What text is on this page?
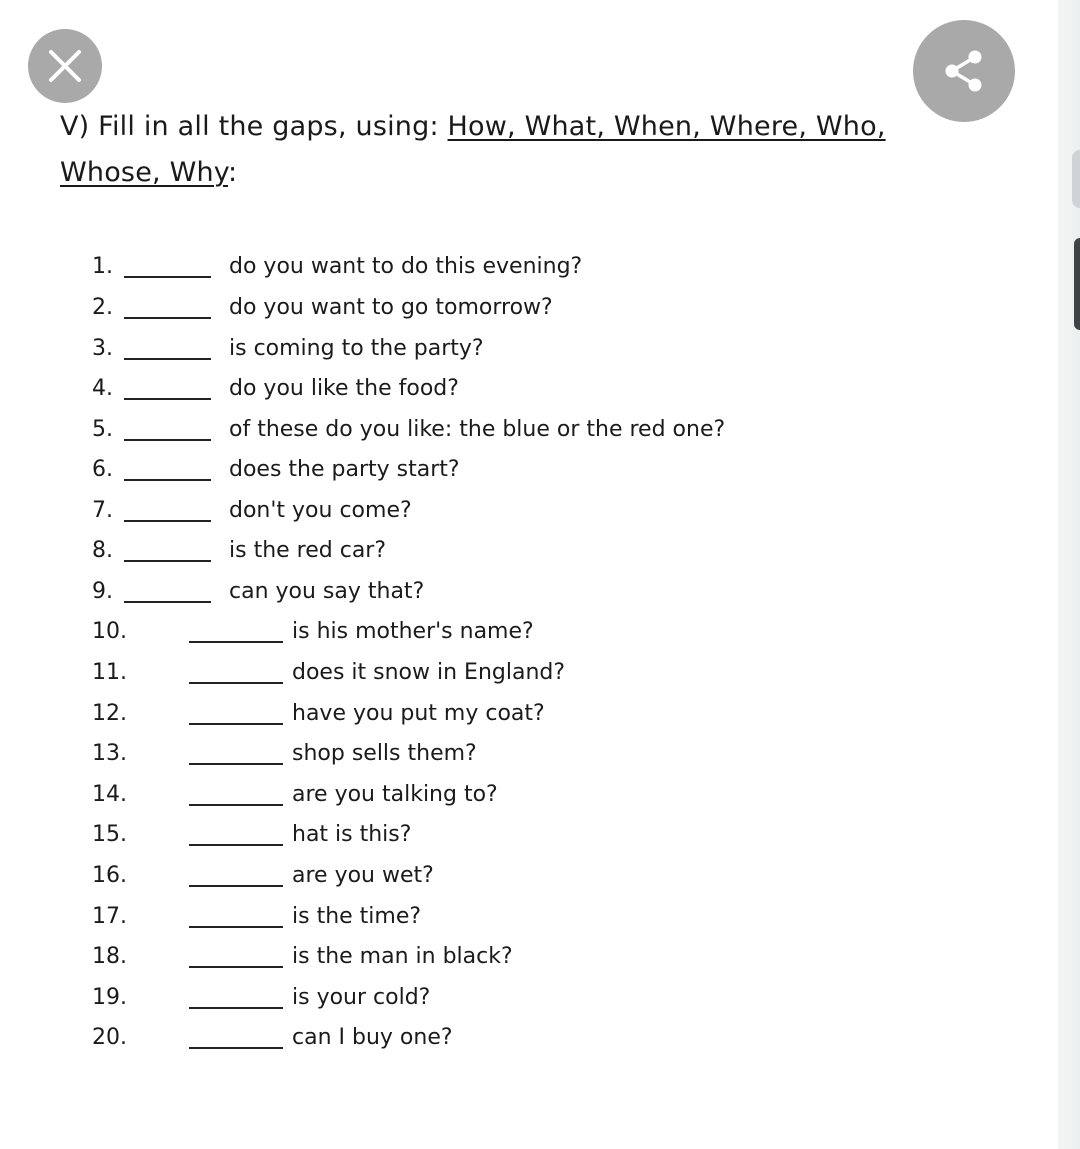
V) Fill in all the gaps, using: How, What, When, Where, Who,
Whose, Why:
1.	do you want to do this evening?
2.	do you want to go tomorrow?
3.	is coming to the party?
4.	do you like the food?
5.	of these do you like: the blue or the red one?
6.	does the party start?
7.	don't you come?
8.	is the red car?
9.	can you say that?
10.	is his mother's name?
11.	does it snow in England?
12.	have you put my coat?
13.	shop sells them?
14.	are you talking to?
15.	hat is this?
16.	are you wet?
17.	is the time?
18.	is the man in black?
19.	is your cold?
20.	can I buy one?
